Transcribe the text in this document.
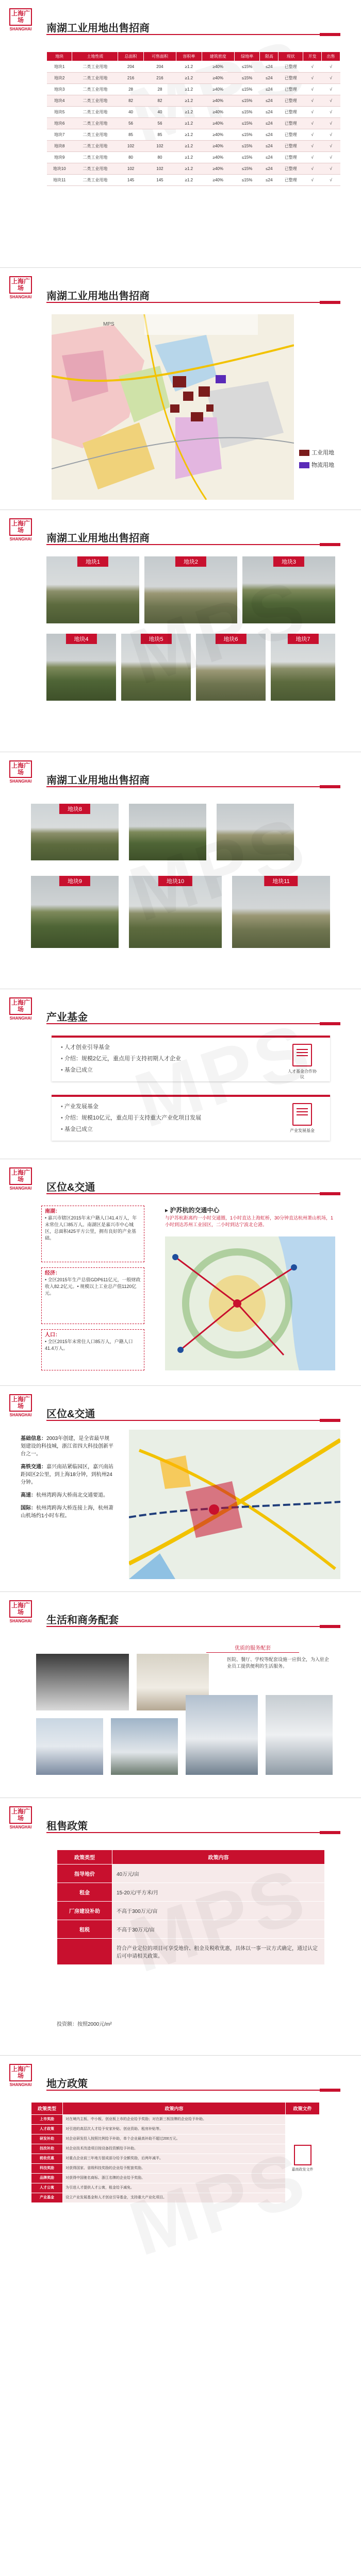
上海广场
SHANGHAI 南湖工业用地出售招商
地块	土地性质	总面积	可售面积	容积率	建筑密度	绿地率	限高	现状	开发	出售
地块1	二类工业用地	204	204	≥1.2	≥40%	≤15%	≤24	已整理	√	√
地块2	二类工业用地	216	216	≥1.2	≥40%	≤15%	≤24	已整理	√	√
地块3	二类工业用地	28	28	≥1.2	≥40%	≤15%	≤24	已整理	√	√
地块4	二类工业用地	82	82	≥1.2	≥40%	≤15%	≤24	已整理	√	√
地块5	二类工业用地	40	40	≥1.2	≥40%	≤15%	≤24	已整理	√	√
地块6	二类工业用地	56	56	≥1.2	≥40%	≤15%	≤24	已整理	√	√
地块7	二类工业用地	85	85	≥1.2	≥40%	≤15%	≤24	已整理	√	√
地块8	二类工业用地	102	102	≥1.2	≥40%	≤15%	≤24	已整理	√	√
地块9	二类工业用地	80	80	≥1.2	≥40%	≤15%	≤24	已整理	√	√
地块10	二类工业用地	102	102	≥1.2	≥40%	≤15%	≤24	已整理	√	√
地块11	二类工业用地	145	145	≥1.2	≥40%	≤15%	≤24	已整理	√	√
上海广场
SHANGHAI 南湖工业用地出售招商
MPS
工业用地
物流用地
上海广场
SHANGHAI 南湖工业用地出售招商
地块1	地块2	地块3
地块4	地块5	地块6	地块7
上海广场
SHANGHAI 南湖工业用地出售招商
地块8
地块9	地块10	地块11
上海广场
SHANGHAI 产业基金
• 人才创业引导基金
• 介绍：规模2亿元，重点用于支持初期人才企业
• 基金已成立	人才基金合作协议
• 产业发展基金
• 介绍：规模10亿元，重点用于支持重大产业化项目发展
• 基金已成立	产业发展基金
上海广场
SHANGHAI 区位&交通
南湖：
• 嘉兴市辖区2015年末户籍人口41.4万人，年末常住人口85万人。南湖区是嘉兴市中心城区，总面积425平方公里，拥有良好的产业基础。
经济：
• 全区2015年生产总值GDP611亿元，一般财政收入82.2亿元。• 规模以上工业总产值1120亿元。
人口：
• 全区2015年末常住人口85万人，户籍人口41.4万人。
▸ 沪苏杭的交通中心
与沪苏杭距离约一小时交通圈，1小时直达上海虹桥，30分钟直达杭州萧山机场，1小时到达苏州工业园区，二小时到达宁波北仑港。
上海广场
SHANGHAI 区位&交通
基础信息：2003年创建，是全省最早规划建设的科技城，浙江省四大科技创新平台之一。
高铁交通：嘉兴南站紧临园区，嘉兴南站距园区2公里，到上海18分钟，到杭州24分钟。
高速：杭州湾跨海大桥南北交通要道。
国际：杭州湾跨海大桥连接上海，杭州萧山机场约1小时车程。
上海广场
SHANGHAI 生活和商务配套
优质的服务配套
医院、餐厅、学校等配套设施一应俱全，为入驻企业员工提供便利的生活服务。
上海广场
SHANGHAI 租售政策
政策类型	政策内容
指导地价	40万元/亩
租金	15-20元/平方米/月
厂房建设补助	不高于300万元/亩
租税	不高于30万元/亩
	符合产业定位的项目可享受地价、租金及税收优惠，具体以一事一议方式确定，通过认定后可申请相关政策。
投资额：按照2000元/m²
上海广场
SHANGHAI 地方政策
政策类型	政策内容	政策文件
上市奖励	对在境内主板、中小板、创业板上市的企业给予奖励；对在新三板挂牌的企业给予补助。	嘉南政发文件

人才政策	对引进的高层次人才给予安家补贴、创业资助、租房补贴等。	
研发补助	对企业研发投入按照比例给予补助，单个企业最高补助不超过200万元。	
技改补助	对企业技术改造项目按设备投资额给予补助。	
税收优惠	对重点企业前三年地方留成部分给予全额奖励，后两年减半。	
科技奖励	对获得国家、省级科技奖励的企业给予配套奖励。	
品牌奖励	对获得中国驰名商标、浙江名牌的企业给予奖励。	
人才公寓	为引进人才提供人才公寓，租金给予减免。	
产业基金	设立产业发展基金和人才创业引导基金，支持重大产业化项目。	
